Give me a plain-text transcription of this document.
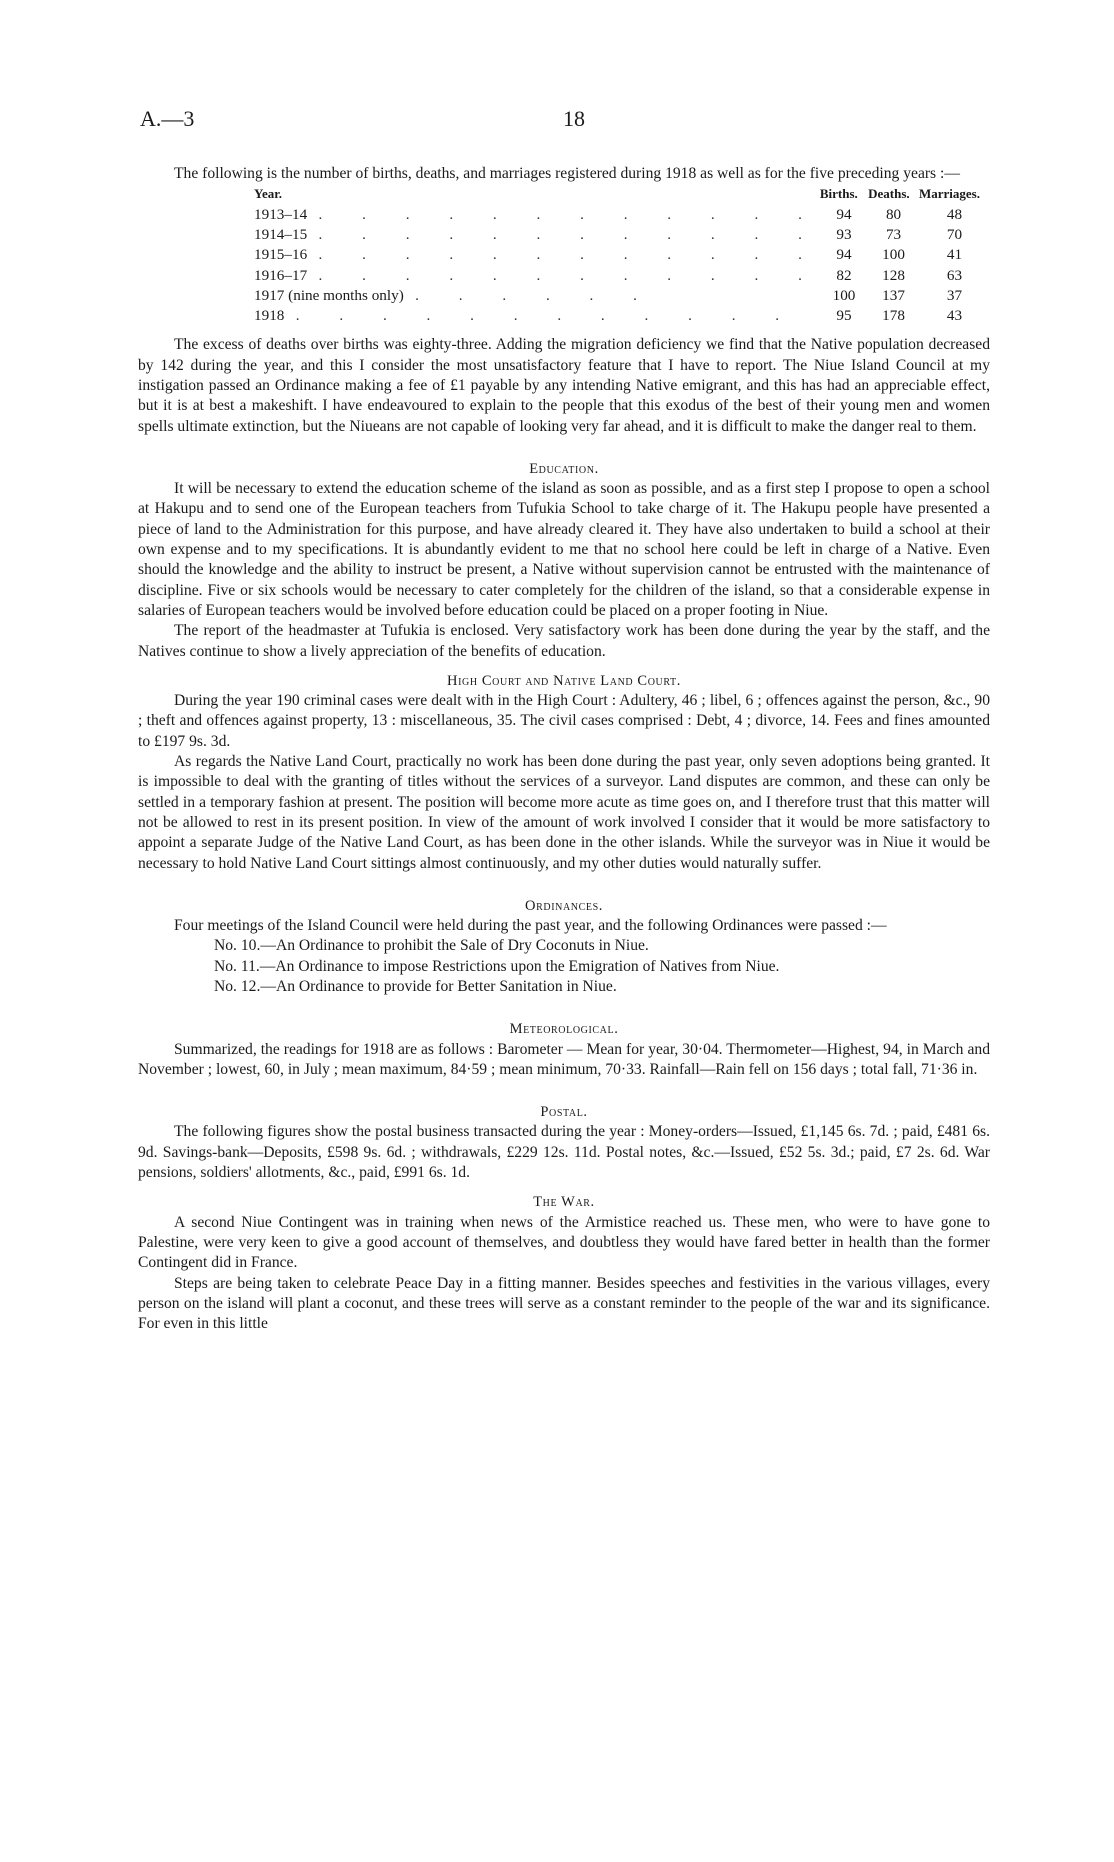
A.—3	18

The following is the number of births, deaths, and marriages registered during 1918 as well as for the five preceding years :—

Year.	Births.	Deaths.	Marriages.
1913–14 . . . . . . . . . . . .	94	80	48
1914–15 . . . . . . . . . . . .	93	73	70
1915–16 . . . . . . . . . . . .	94	100	41
1916–17 . . . . . . . . . . . .	82	128	63
1917 (nine months only) . . . . . .	100	137	37
1918 . . . . . . . . . . . .	95	178	43

The excess of deaths over births was eighty-three. Adding the migration deficiency we find that the Native population decreased by 142 during the year, and this I consider the most unsatisfactory feature that I have to report. The Niue Island Council at my instigation passed an Ordinance making a fee of £1 payable by any intending Native emigrant, and this has had an appreciable effect, but it is at best a makeshift. I have endeavoured to explain to the people that this exodus of the best of their young men and women spells ultimate extinction, but the Niueans are not capable of looking very far ahead, and it is difficult to make the danger real to them.

Education.

It will be necessary to extend the education scheme of the island as soon as possible, and as a first step I propose to open a school at Hakupu and to send one of the European teachers from Tufukia School to take charge of it. The Hakupu people have presented a piece of land to the Administration for this purpose, and have already cleared it. They have also undertaken to build a school at their own expense and to my specifications. It is abundantly evident to me that no school here could be left in charge of a Native. Even should the knowledge and the ability to instruct be present, a Native without supervision cannot be entrusted with the maintenance of discipline. Five or six schools would be necessary to cater completely for the children of the island, so that a considerable expense in salaries of European teachers would be involved before education could be placed on a proper footing in Niue.

The report of the headmaster at Tufukia is enclosed. Very satisfactory work has been done during the year by the staff, and the Natives continue to show a lively appreciation of the benefits of education.

High Court and Native Land Court.

During the year 190 criminal cases were dealt with in the High Court : Adultery, 46 ; libel, 6 ; offences against the person, &c., 90 ; theft and offences against property, 13 : miscellaneous, 35. The civil cases comprised : Debt, 4 ; divorce, 14. Fees and fines amounted to £197 9s. 3d.

As regards the Native Land Court, practically no work has been done during the past year, only seven adoptions being granted. It is impossible to deal with the granting of titles without the services of a surveyor. Land disputes are common, and these can only be settled in a temporary fashion at present. The position will become more acute as time goes on, and I therefore trust that this matter will not be allowed to rest in its present position. In view of the amount of work involved I consider that it would be more satisfactory to appoint a separate Judge of the Native Land Court, as has been done in the other islands. While the surveyor was in Niue it would be necessary to hold Native Land Court sittings almost continuously, and my other duties would naturally suffer.

Ordinances.

Four meetings of the Island Council were held during the past year, and the following Ordinances were passed :—

No. 10.—An Ordinance to prohibit the Sale of Dry Coconuts in Niue.

No. 11.—An Ordinance to impose Restrictions upon the Emigration of Natives from Niue.

No. 12.—An Ordinance to provide for Better Sanitation in Niue.

Meteorological.

Summarized, the readings for 1918 are as follows : Barometer — Mean for year, 30·04. Thermometer—Highest, 94, in March and November ; lowest, 60, in July ; mean maximum, 84·59 ; mean minimum, 70·33. Rainfall—Rain fell on 156 days ; total fall, 71·36 in.

Postal.

The following figures show the postal business transacted during the year : Money-orders—Issued, £1,145 6s. 7d. ; paid, £481 6s. 9d. Savings-bank—Deposits, £598 9s. 6d. ; withdrawals, £229 12s. 11d. Postal notes, &c.—Issued, £52 5s. 3d.; paid, £7 2s. 6d. War pensions, soldiers' allotments, &c., paid, £991 6s. 1d.

The War.

A second Niue Contingent was in training when news of the Armistice reached us. These men, who were to have gone to Palestine, were very keen to give a good account of themselves, and doubtless they would have fared better in health than the former Contingent did in France.

Steps are being taken to celebrate Peace Day in a fitting manner. Besides speeches and festivities in the various villages, every person on the island will plant a coconut, and these trees will serve as a constant reminder to the people of the war and its significance. For even in this little
